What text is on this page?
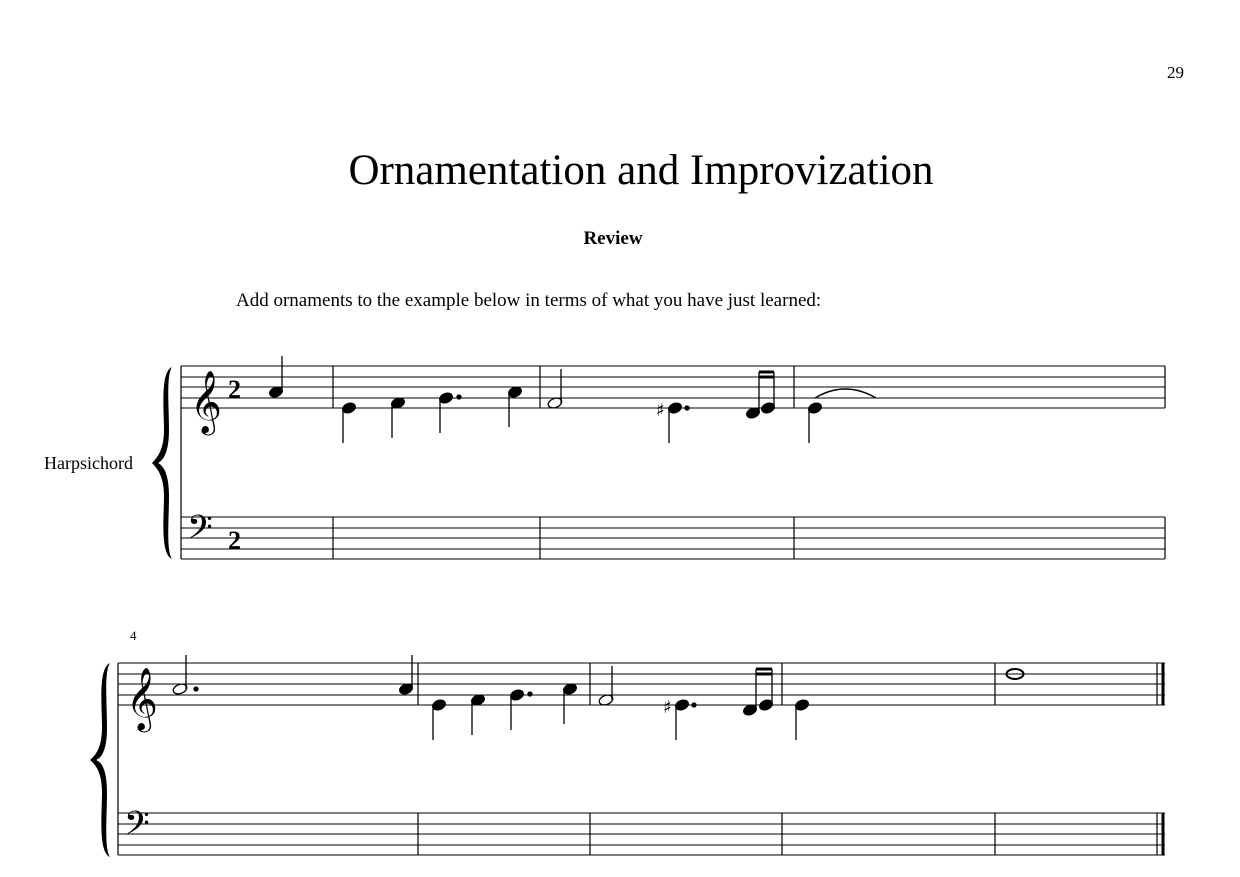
29
Ornamentation and Improvization
Review
Add ornaments to the example below in terms of what you have just learned:
Harpsichord
𝄞
𝄢
2
2
♯
4
𝄞
𝄢
♯
